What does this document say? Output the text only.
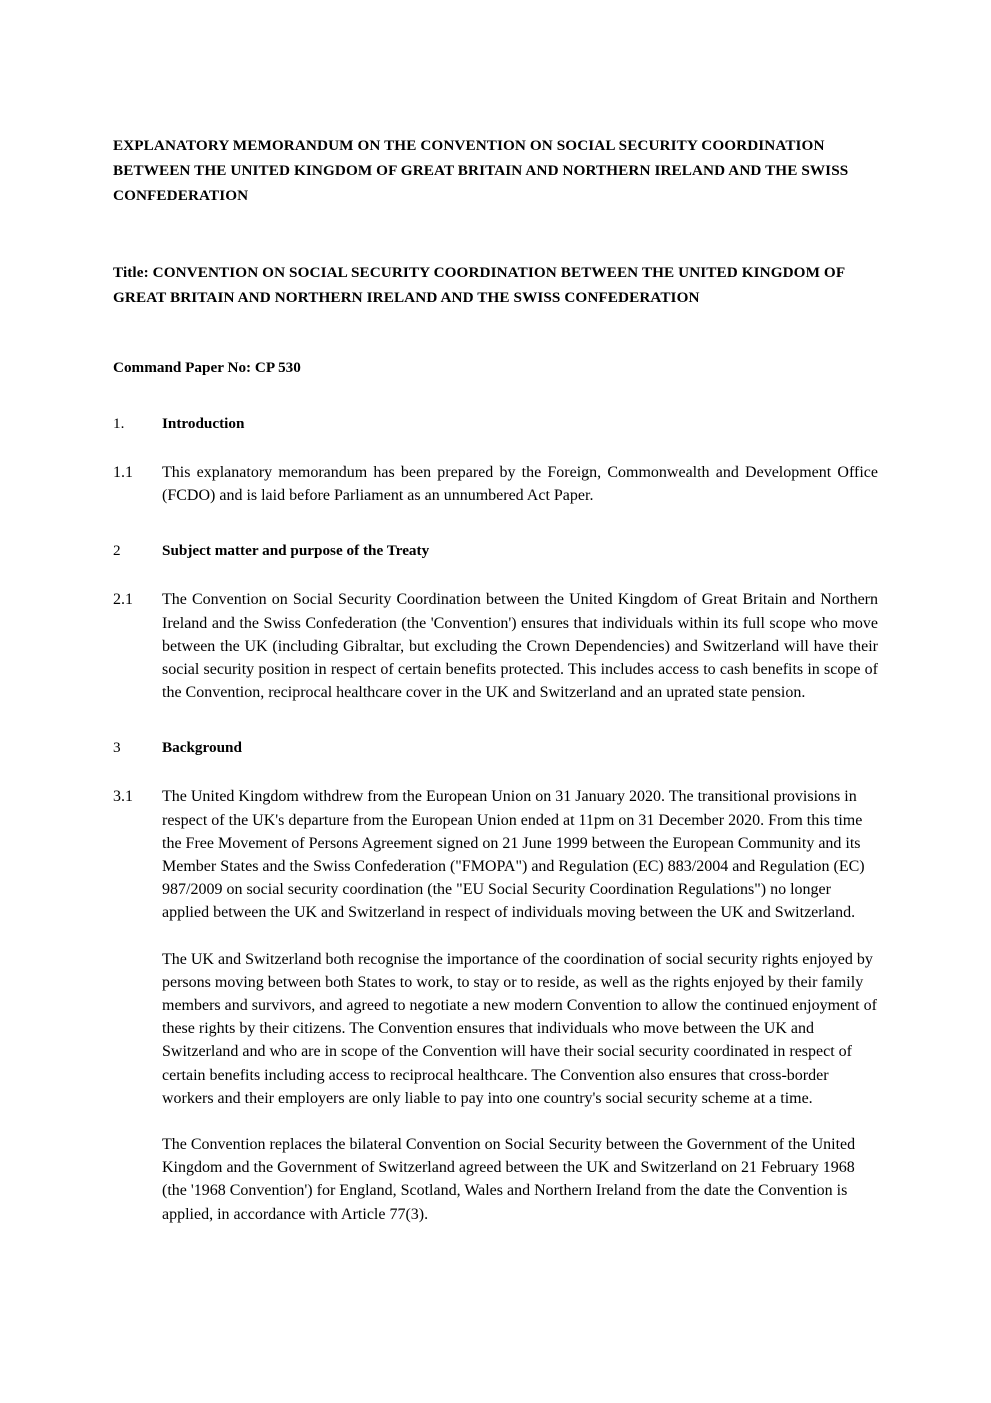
EXPLANATORY MEMORANDUM ON THE CONVENTION ON SOCIAL SECURITY COORDINATION BETWEEN THE UNITED KINGDOM OF GREAT BRITAIN AND NORTHERN IRELAND AND THE SWISS CONFEDERATION

Title: CONVENTION ON SOCIAL SECURITY COORDINATION BETWEEN THE UNITED KINGDOM OF GREAT BRITAIN AND NORTHERN IRELAND AND THE SWISS CONFEDERATION

Command Paper No: CP 530

1.	Introduction
1.1	This explanatory memorandum has been prepared by the Foreign, Commonwealth and Development Office (FCDO) and is laid before Parliament as an unnumbered Act Paper.
2	Subject matter and purpose of the Treaty
2.1	The Convention on Social Security Coordination between the United Kingdom of Great Britain and Northern Ireland and the Swiss Confederation (the 'Convention') ensures that individuals within its full scope who move between the UK (including Gibraltar, but excluding the Crown Dependencies) and Switzerland will have their social security position in respect of certain benefits protected. This includes access to cash benefits in scope of the Convention, reciprocal healthcare cover in the UK and Switzerland and an uprated state pension.
3	Background
3.1	The United Kingdom withdrew from the European Union on 31 January 2020. The transitional provisions in respect of the UK's departure from the European Union ended at 11pm on 31 December 2020. From this time the Free Movement of Persons Agreement signed on 21 June 1999 between the European Community and its Member States and the Swiss Confederation ("FMOPA") and Regulation (EC) 883/2004 and Regulation (EC) 987/2009 on social security coordination (the "EU Social Security Coordination Regulations") no longer applied between the UK and Switzerland in respect of individuals moving between the UK and Switzerland.

The UK and Switzerland both recognise the importance of the coordination of social security rights enjoyed by persons moving between both States to work, to stay or to reside, as well as the rights enjoyed by their family members and survivors, and agreed to negotiate a new modern Convention to allow the continued enjoyment of these rights by their citizens. The Convention ensures that individuals who move between the UK and Switzerland and who are in scope of the Convention will have their social security coordinated in respect of certain benefits including access to reciprocal healthcare. The Convention also ensures that cross-border workers and their employers are only liable to pay into one country's social security scheme at a time.

The Convention replaces the bilateral Convention on Social Security between the Government of the United Kingdom and the Government of Switzerland agreed between the UK and Switzerland on 21 February 1968 (the '1968 Convention') for England, Scotland, Wales and Northern Ireland from the date the Convention is applied, in accordance with Article 77(3).
